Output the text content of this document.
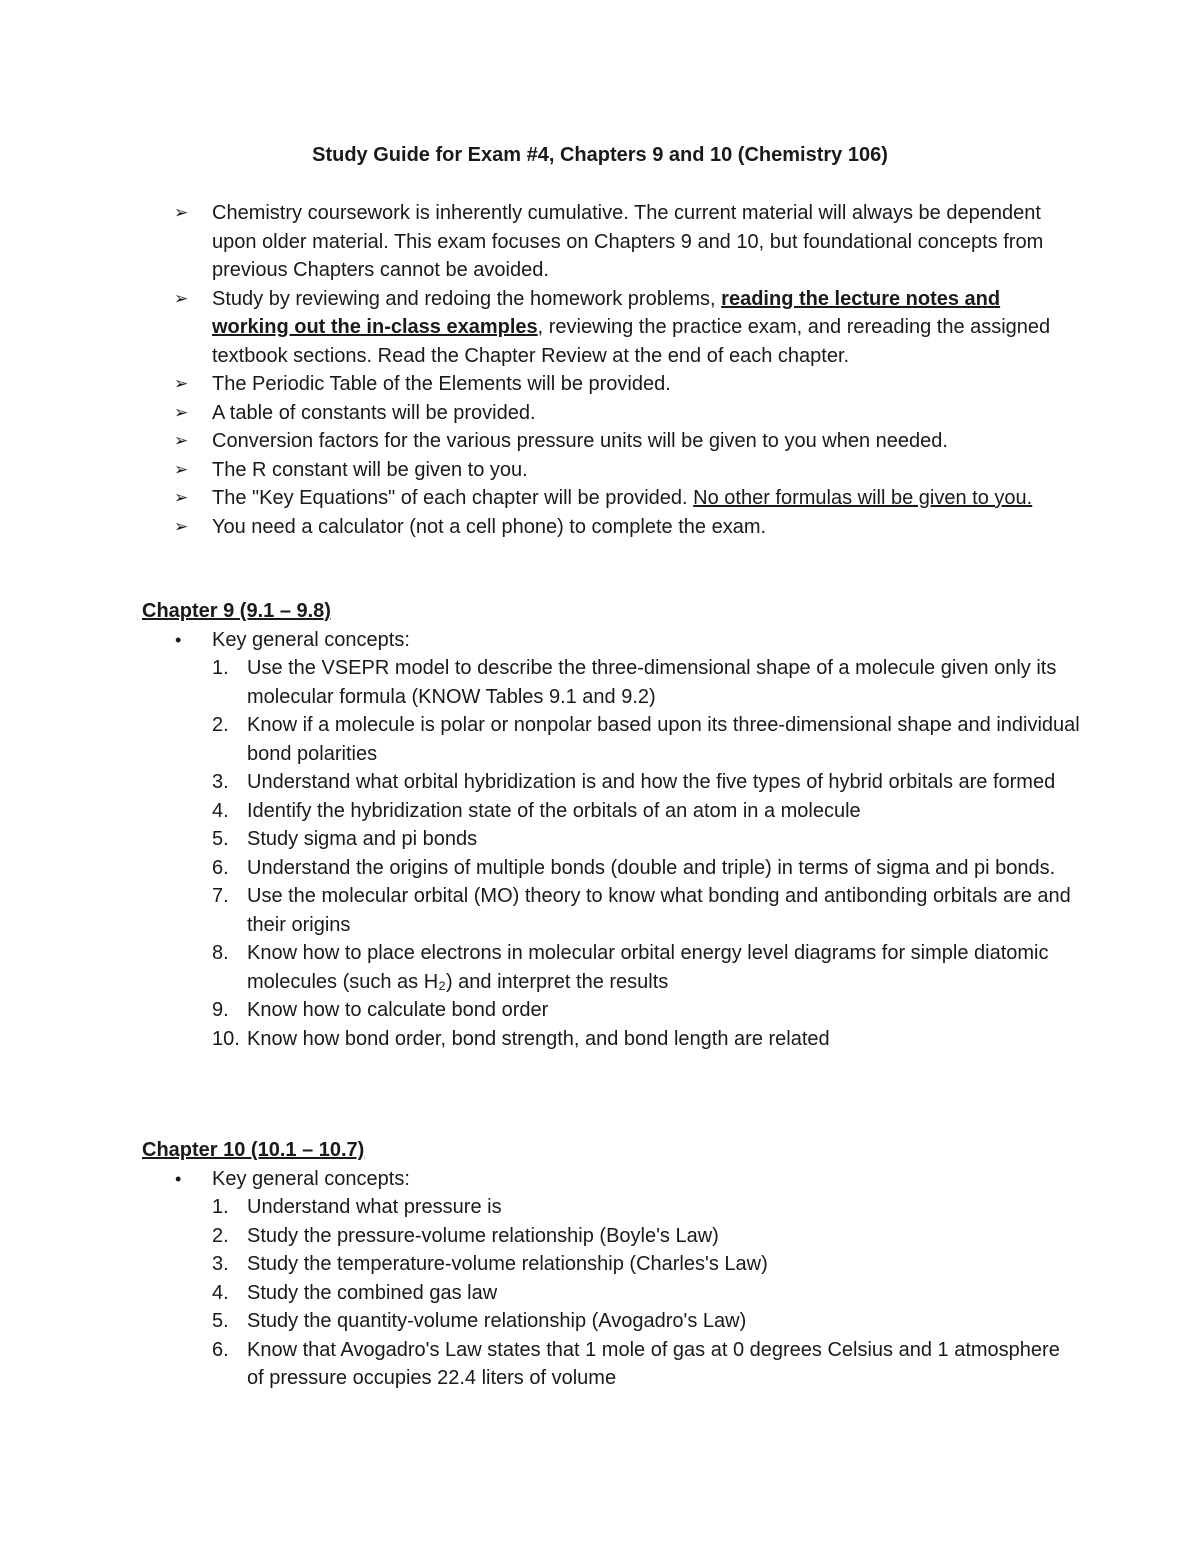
Study Guide for Exam #4, Chapters 9 and 10 (Chemistry 106)
➢ Chemistry coursework is inherently cumulative. The current material will always be dependent upon older material. This exam focuses on Chapters 9 and 10, but foundational concepts from previous Chapters cannot be avoided.
➢ Study by reviewing and redoing the homework problems, reading the lecture notes and working out the in-class examples, reviewing the practice exam, and rereading the assigned textbook sections. Read the Chapter Review at the end of each chapter.
➢ The Periodic Table of the Elements will be provided.
➢ A table of constants will be provided.
➢ Conversion factors for the various pressure units will be given to you when needed.
➢ The R constant will be given to you.
➢ The "Key Equations" of each chapter will be provided. No other formulas will be given to you.
➢ You need a calculator (not a cell phone) to complete the exam.
Chapter 9 (9.1 – 9.8)
• Key general concepts:
1. Use the VSEPR model to describe the three-dimensional shape of a molecule given only its molecular formula (KNOW Tables 9.1 and 9.2)
2. Know if a molecule is polar or nonpolar based upon its three-dimensional shape and individual bond polarities
3. Understand what orbital hybridization is and how the five types of hybrid orbitals are formed
4. Identify the hybridization state of the orbitals of an atom in a molecule
5. Study sigma and pi bonds
6. Understand the origins of multiple bonds (double and triple) in terms of sigma and pi bonds.
7. Use the molecular orbital (MO) theory to know what bonding and antibonding orbitals are and their origins
8. Know how to place electrons in molecular orbital energy level diagrams for simple diatomic molecules (such as H₂) and interpret the results
9. Know how to calculate bond order
10. Know how bond order, bond strength, and bond length are related
Chapter 10 (10.1 – 10.7)
• Key general concepts:
1. Understand what pressure is
2. Study the pressure-volume relationship (Boyle's Law)
3. Study the temperature-volume relationship (Charles's Law)
4. Study the combined gas law
5. Study the quantity-volume relationship (Avogadro's Law)
6. Know that Avogadro's Law states that 1 mole of gas at 0 degrees Celsius and 1 atmosphere of pressure occupies 22.4 liters of volume
